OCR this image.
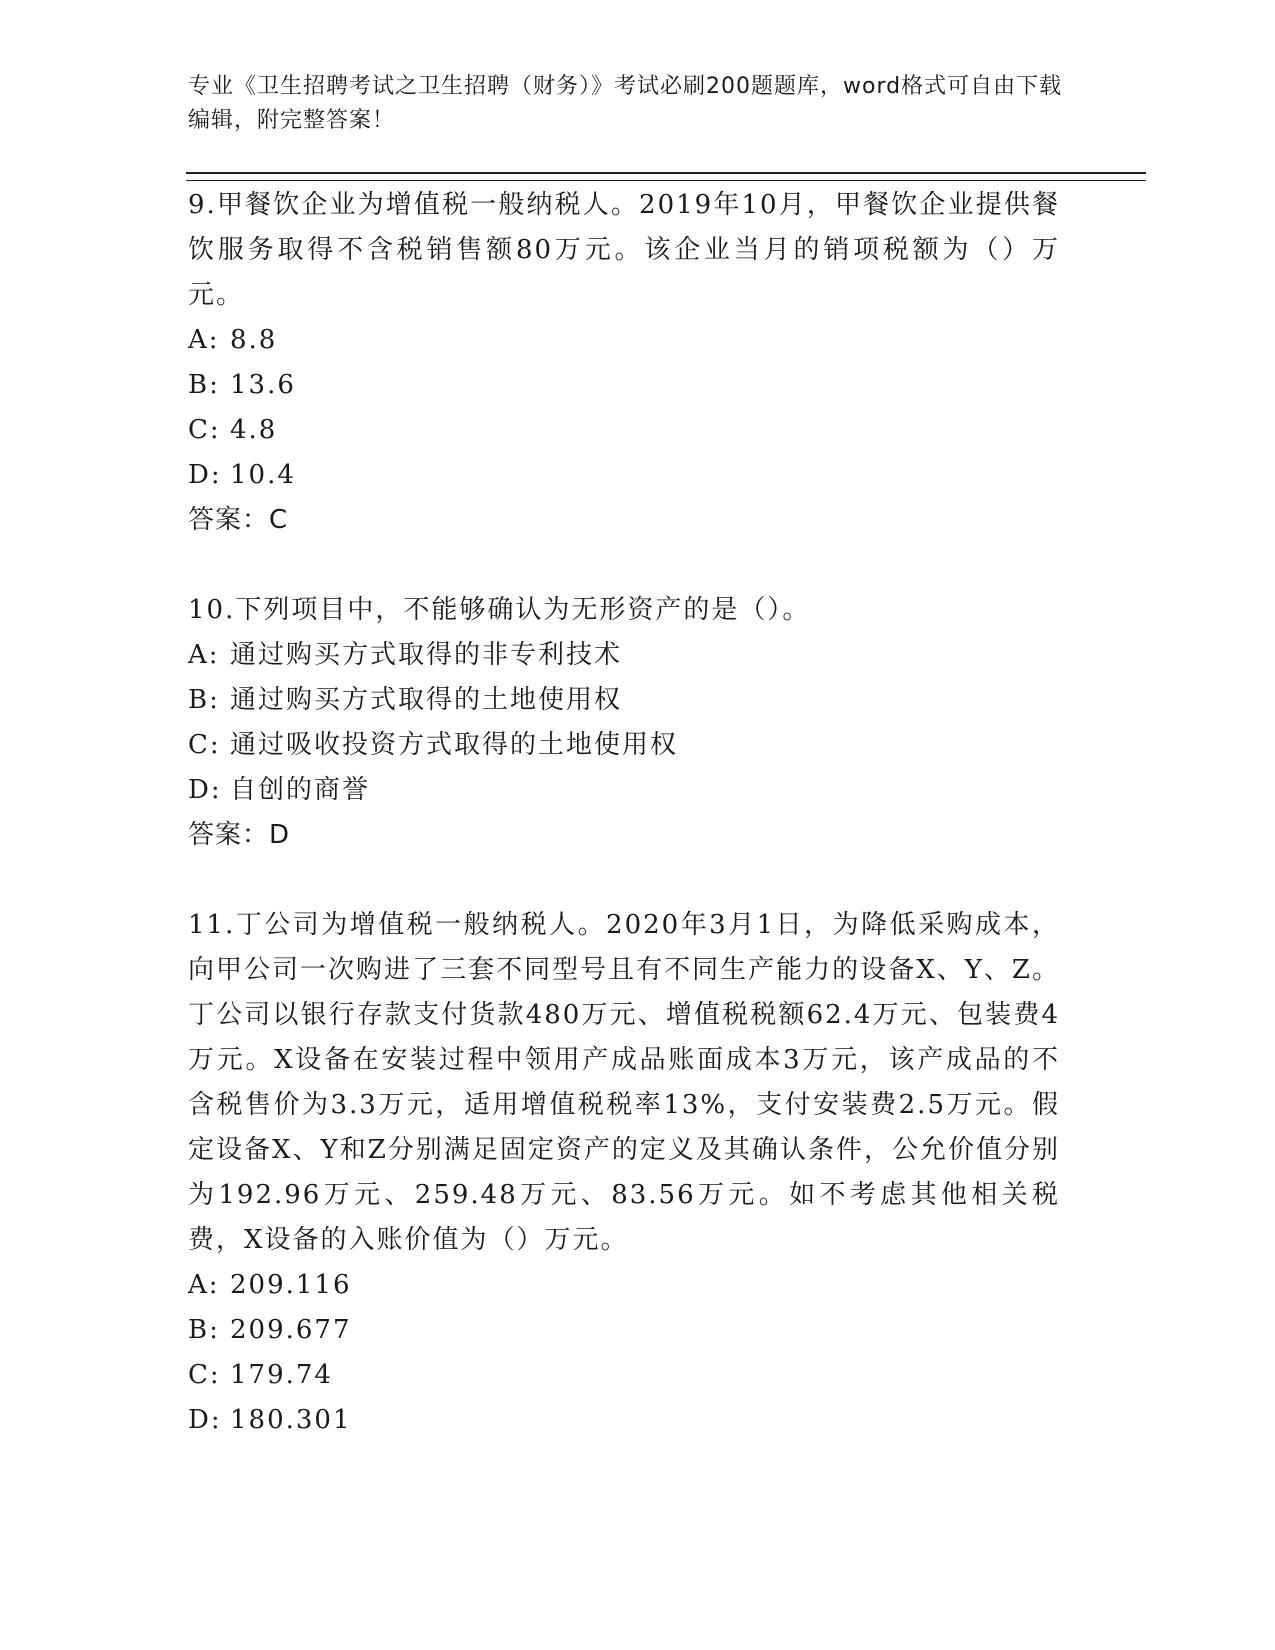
专业《卫生招聘考试之卫生招聘（财务）》考试必刷200题题库，word格式可自由下载编辑，附完整答案！
9.甲餐饮企业为增值税一般纳税人。2019年10月，甲餐饮企业提供餐饮服务取得不含税销售额80万元。该企业当月的销项税额为（）万元。
A: 8.8
B: 13.6
C: 4.8
D: 10.4
答案：C
10.下列项目中，不能够确认为无形资产的是（）。
A: 通过购买方式取得的非专利技术
B: 通过购买方式取得的土地使用权
C: 通过吸收投资方式取得的土地使用权
D: 自创的商誉
答案：D
11.丁公司为增值税一般纳税人。2020年3月1日，为降低采购成本，向甲公司一次购进了三套不同型号且有不同生产能力的设备X、Y、Z。丁公司以银行存款支付货款480万元、增值税税额62.4万元、包装费4万元。X设备在安装过程中领用产成品账面成本3万元，该产成品的不含税售价为3.3万元，适用增值税税率13%，支付安装费2.5万元。假定设备X、Y和Z分别满足固定资产的定义及其确认条件，公允价值分别为192.96万元、259.48万元、83.56万元。如不考虑其他相关税费，X设备的入账价值为（）万元。
A: 209.116
B: 209.677
C: 179.74
D: 180.301
